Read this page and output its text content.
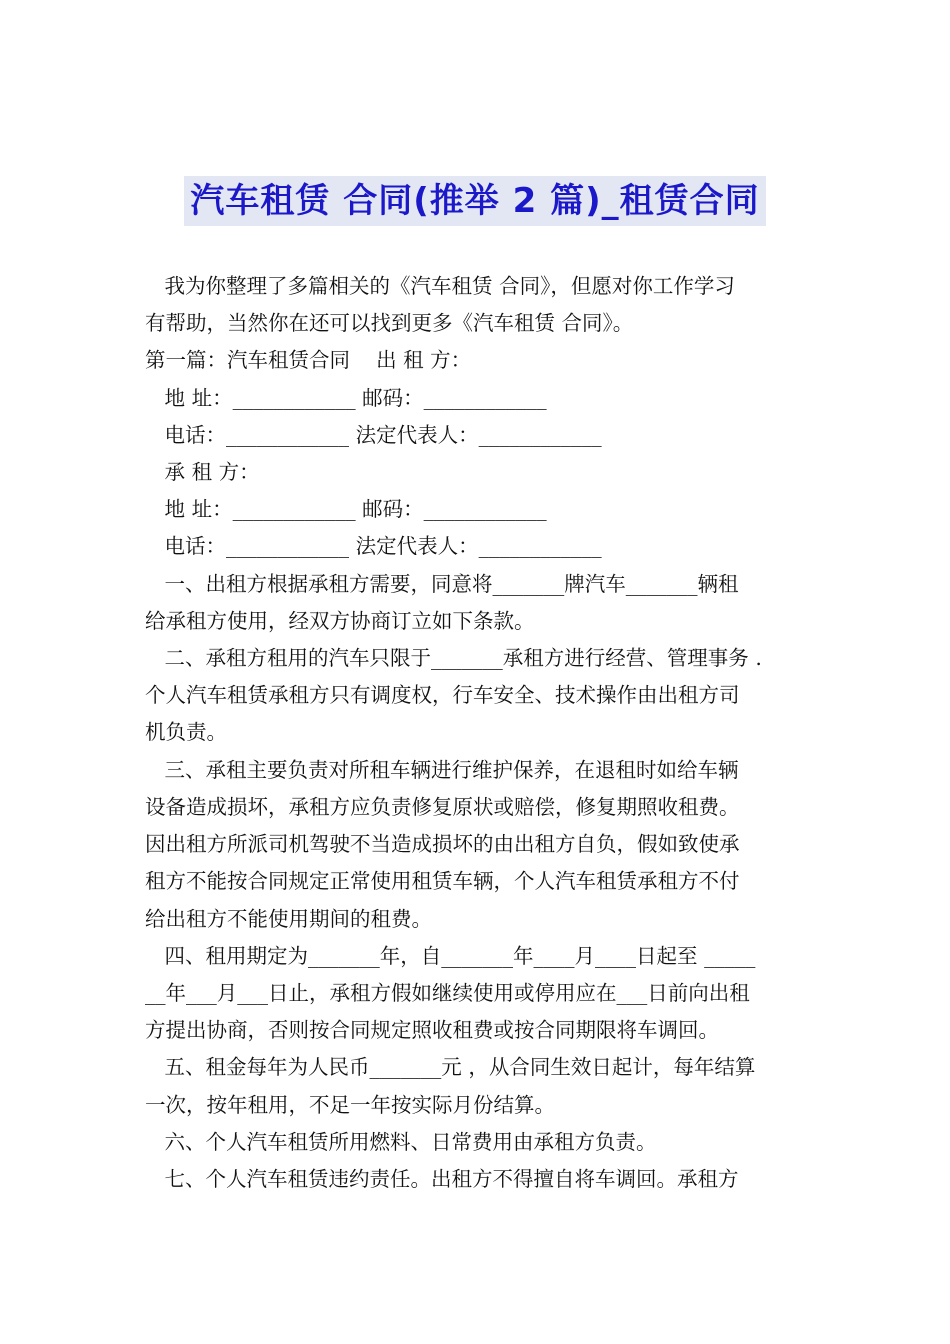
汽车租赁 合同(推举 2 篇)_租赁合同
我为你整理了多篇相关的《汽车租赁 合同》，但愿对你工作学习
有帮助，当然你在还可以找到更多《汽车租赁 合同》。
第一篇：汽车租赁合同    出 租 方：
地 址：____________ 邮码：____________
电话：____________ 法定代表人：____________
承 租 方：
地 址：____________ 邮码：____________
电话：____________ 法定代表人：____________
一、出租方根据承租方需要，同意将_______牌汽车_______辆租
给承租方使用，经双方协商订立如下条款。
二、承租方租用的汽车只限于_______承租方进行经营、管理事务 .
个人汽车租赁承租方只有调度权，行车安全、技术操作由出租方司
机负责。
三、承租主要负责对所租车辆进行维护保养，在退租时如给车辆
设备造成损坏，承租方应负责修复原状或赔偿，修复期照收租费。
因出租方所派司机驾驶不当造成损坏的由出租方自负，假如致使承
租方不能按合同规定正常使用租赁车辆，个人汽车租赁承租方不付
给出租方不能使用期间的租费。
四、租用期定为_______年，自_______年____月____日起至 _____
__年___月___日止，承租方假如继续使用或停用应在___日前向出租
方提出协商，否则按合同规定照收租费或按合同期限将车调回。
五、租金每年为人民币_______元 ，从合同生效日起计，每年结算
一次，按年租用，不足一年按实际月份结算。
六、个人汽车租赁所用燃料、日常费用由承租方负责。
七、个人汽车租赁违约责任。出租方不得擅自将车调回。承租方
